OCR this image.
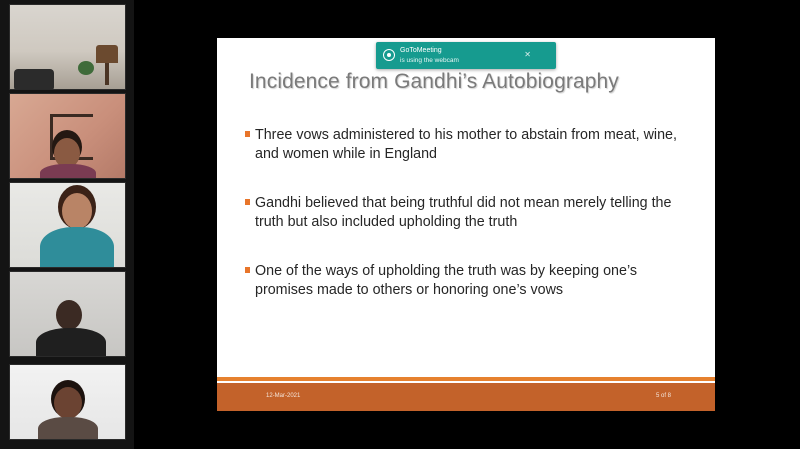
Incidence from Gandhi’s Autobiography
Three vows administered to his mother to abstain from meat, wine, and women while in England
Gandhi believed that being truthful did not mean merely telling the truth but also included upholding the truth
One of the ways of upholding the truth was by keeping one’s promises made to others or honoring one’s vows
12-Mar-2021	5 of 8
GoToMeeting
is using the webcam
✕
